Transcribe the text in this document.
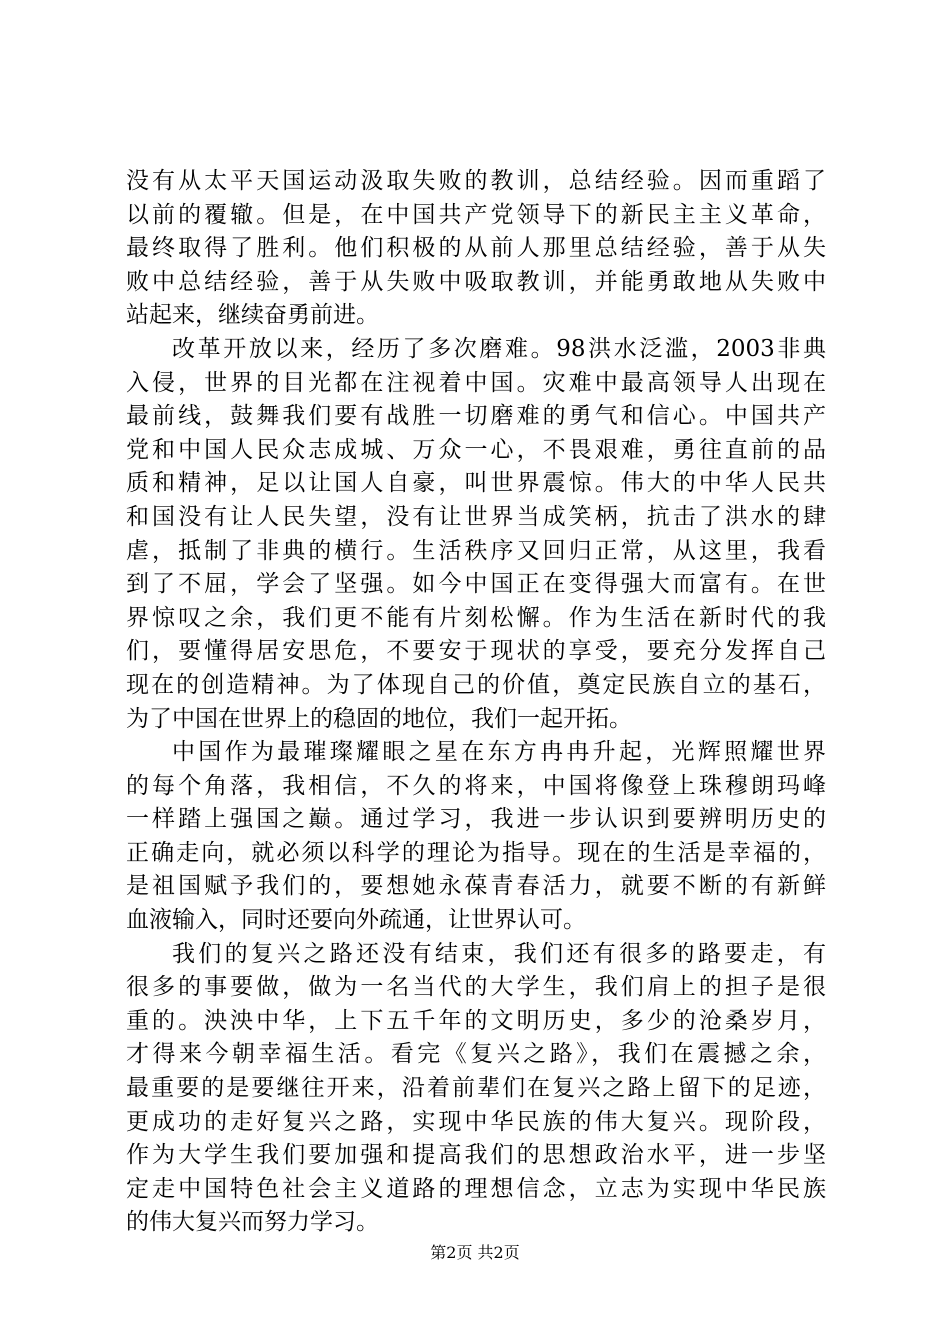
没有从太平天国运动汲取失败的教训，总结经验。因而重蹈了
以前的覆辙。但是，在中国共产党领导下的新民主主义革命，
最终取得了胜利。他们积极的从前人那里总结经验，善于从失
败中总结经验，善于从失败中吸取教训，并能勇敢地从失败中
站起来，继续奋勇前进。
改革开放以来，经历了多次磨难。98洪水泛滥，2003非典
入侵，世界的目光都在注视着中国。灾难中最高领导人出现在
最前线，鼓舞我们要有战胜一切磨难的勇气和信心。中国共产
党和中国人民众志成城、万众一心，不畏艰难，勇往直前的品
质和精神，足以让国人自豪，叫世界震惊。伟大的中华人民共
和国没有让人民失望，没有让世界当成笑柄，抗击了洪水的肆
虐，抵制了非典的横行。生活秩序又回归正常，从这里，我看
到了不屈，学会了坚强。如今中国正在变得强大而富有。在世
界惊叹之余，我们更不能有片刻松懈。作为生活在新时代的我
们，要懂得居安思危，不要安于现状的享受，要充分发挥自己
现在的创造精神。为了体现自己的价值，奠定民族自立的基石，
为了中国在世界上的稳固的地位，我们一起开拓。
中国作为最璀璨耀眼之星在东方冉冉升起，光辉照耀世界
的每个角落，我相信，不久的将来，中国将像登上珠穆朗玛峰
一样踏上强国之巅。通过学习，我进一步认识到要辨明历史的
正确走向，就必须以科学的理论为指导。现在的生活是幸福的，
是祖国赋予我们的，要想她永葆青春活力，就要不断的有新鲜
血液输入，同时还要向外疏通，让世界认可。
我们的复兴之路还没有结束，我们还有很多的路要走，有
很多的事要做，做为一名当代的大学生，我们肩上的担子是很
重的。泱泱中华，上下五千年的文明历史，多少的沧桑岁月，
才得来今朝幸福生活。看完《复兴之路》，我们在震撼之余，
最重要的是要继往开来，沿着前辈们在复兴之路上留下的足迹，
更成功的走好复兴之路，实现中华民族的伟大复兴。现阶段，
作为大学生我们要加强和提高我们的思想政治水平，进一步坚
定走中国特色社会主义道路的理想信念，立志为实现中华民族
的伟大复兴而努力学习。
第2页 共2页
